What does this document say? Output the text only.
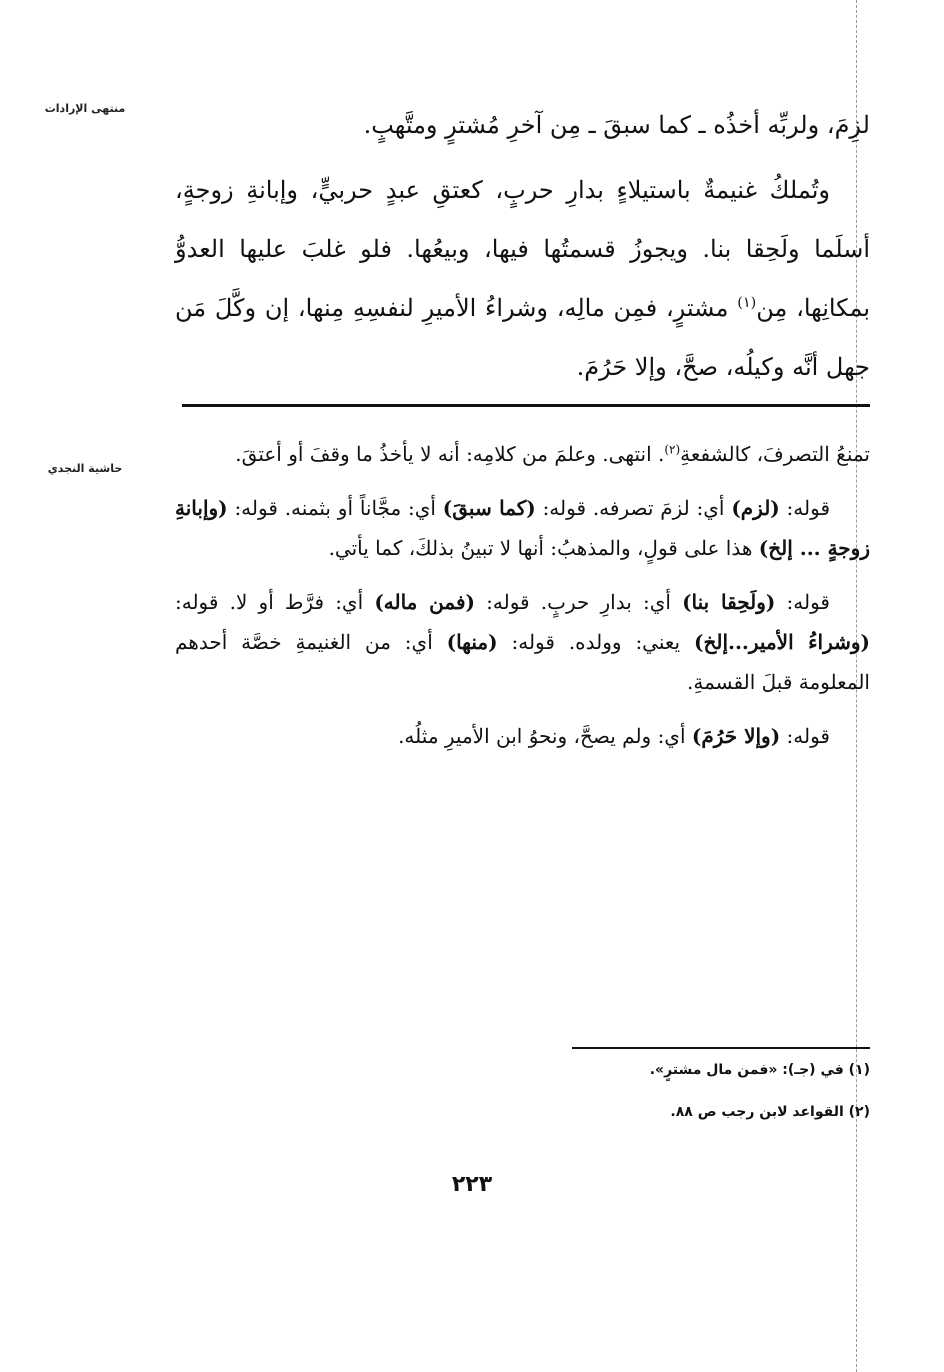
منتهى الإرادات
حاشية النجدي

لزِمَ، ولربِّه أخذُه ـ كما سبقَ ـ مِن آخرِ مُشترٍ ومتَّهبٍ.

وتُملكُ غنيمةٌ باستيلاءٍ بدارِ حربٍ، كعتقِ عبدٍ حربيٍّ، وإبانةِ زوجةٍ، أسلَما ولَحِقا بنا. ويجوزُ قسمتُها فيها، وبيعُها. فلو غلبَ عليها العدوُّ بمكانِها، مِن$^{(١)}$ مشترٍ، فمِن مالِه، وشراءُ الأميرِ لنفسِهِ مِنها، إن وكَّلَ مَن جهل أنَّه وكيلُه، صحَّ، وإلا حَرُمَ.

تمنعُ التصرفَ، كالشفعةِ$^{(٢)}$. انتهى. وعلمَ من كلامِه: أنه لا يأخذُ ما وقفَ أو أعتقَ.

قوله: (لزم) أي: لزمَ تصرفه. قوله: (كما سبقَ) أي: مجَّاناً أو بثمنه. قوله: (وإبانةِ زوجةٍ ... إلخ) هذا على قولٍ، والمذهبُ: أنها لا تبينُ بذلكَ، كما يأتي.

قوله: (ولَحِقا بنا) أي: بدارِ حربٍ. قوله: (فمن ماله) أي: فرَّط أو لا. قوله: (وشراءُ الأمير...إلخ) يعني: وولده. قوله: (منها) أي: من الغنيمةِ خصَّة أحدهم المعلومة قبلَ القسمةِ.

قوله: (وإلا حَرُمَ) أي: ولم يصحَّ، ونحوُ ابن الأميرِ مثلُه.

(١) في (جـ): «فمن مال مشترٍ».
(٢) القواعد لابن رجب ص ٨٨.
٢٢٣
